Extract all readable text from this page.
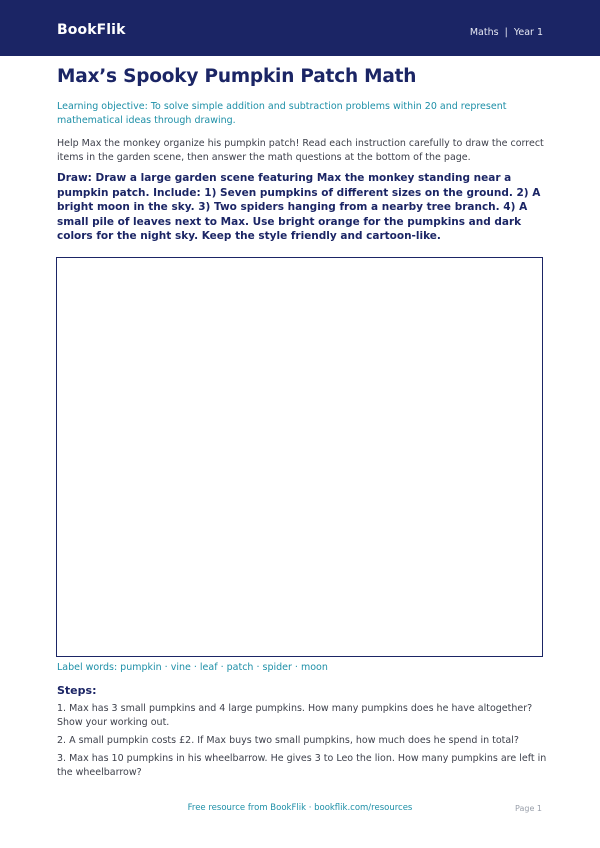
BookFlik	Maths  |  Year 1
Max’s Spooky Pumpkin Patch Math

Learning objective: To solve simple addition and subtraction problems within 20 and represent mathematical ideas through drawing.

Help Max the monkey organize his pumpkin patch! Read each instruction carefully to draw the correct items in the garden scene, then answer the math questions at the bottom of the page.

Draw: Draw a large garden scene featuring Max the monkey standing near a pumpkin patch. Include: 1) Seven pumpkins of different sizes on the ground. 2) A bright moon in the sky. 3) Two spiders hanging from a nearby tree branch. 4) A small pile of leaves next to Max. Use bright orange for the pumpkins and dark colors for the night sky. Keep the style friendly and cartoon-like.

Label words: pumpkin · vine · leaf · patch · spider · moon
Steps:
1. Max has 3 small pumpkins and 4 large pumpkins. How many pumpkins does he have altogether? Show your working out.
2. A small pumpkin costs £2. If Max buys two small pumpkins, how much does he spend in total?
3. Max has 10 pumpkins in his wheelbarrow. He gives 3 to Leo the lion. How many pumpkins are left in the wheelbarrow?
Free resource from BookFlik · bookflik.com/resources	Page 1
